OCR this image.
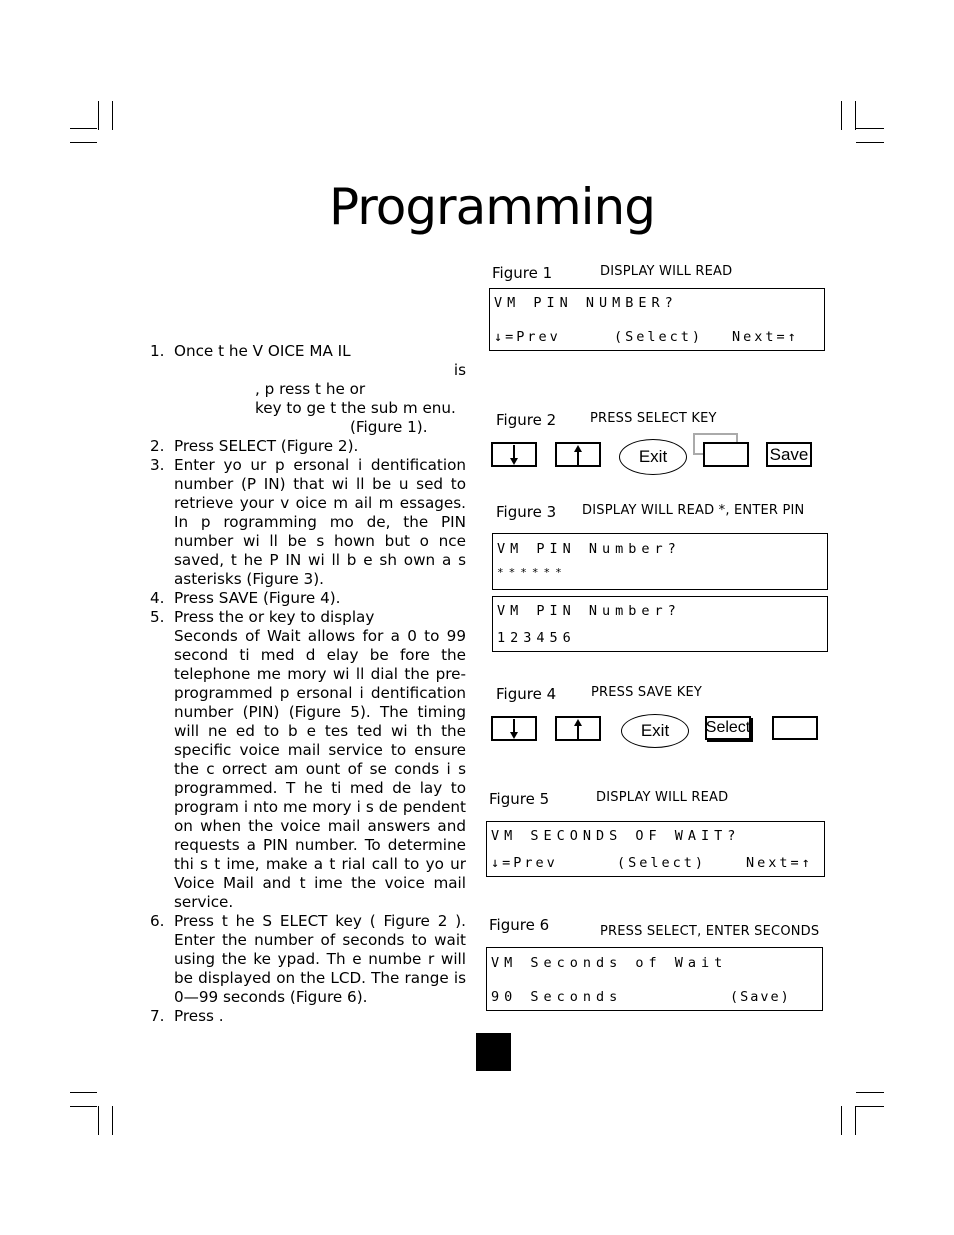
Programming
1. Once t he V OICE MA IL
is
, p ress t he or
key to ge t the sub m enu.
(Figure 1).
2. Press SELECT (Figure 2).
3. Enter yo ur p ersonal i dentification number (P IN) that wi ll be u sed to retrieve your v oice m ail m essages. In p rogramming mo de, the PIN number wi ll be s hown but o nce saved, t he P IN wi ll b e sh own a s asterisks (Figure 3).
4. Press SAVE (Figure 4).
5. Press the or key to display
Seconds of Wait allows for a 0 to 99 second ti med d elay be fore the telephone me mory wi ll dial the pre-programmed p ersonal i dentification number (PIN) (Figure 5). The timing will ne ed to b e tes ted wi th the specific voice mail service to ensure the c orrect am ount of se conds i s programmed. T he ti med de lay to program i nto me mory i s de pendent on when the voice mail answers and requests a PIN number. To determine thi s t ime, make a t rial call to yo ur Voice Mail and t ime the voice mail service.
6. Press t he S ELECT key ( Figure 2 ). Enter the number of seconds to wait using the ke ypad. Th e numbe r will be displayed on the LCD. The range is 0—99 seconds (Figure 6).
7. Press .
Figure 1	DISPLAY WILL READ
VM PIN NUMBER?
↓=Prev	(Select) Next=↑
Figure 2	PRESS SELECT KEY
Exit	Save
Figure 3 DISPLAY WILL READ *, ENTER PIN
VM PIN Number?
******
VM PIN Number?
123456
Figure 4	PRESS SAVE KEY
Exit	Select
Figure 5	DISPLAY WILL READ
VM SECONDS OF WAIT?
↓=Prev	(Select)	Next=↑
Figure 6	PRESS SELECT, ENTER SECONDS
VM Seconds of Wait
90 Seconds	(Save)
